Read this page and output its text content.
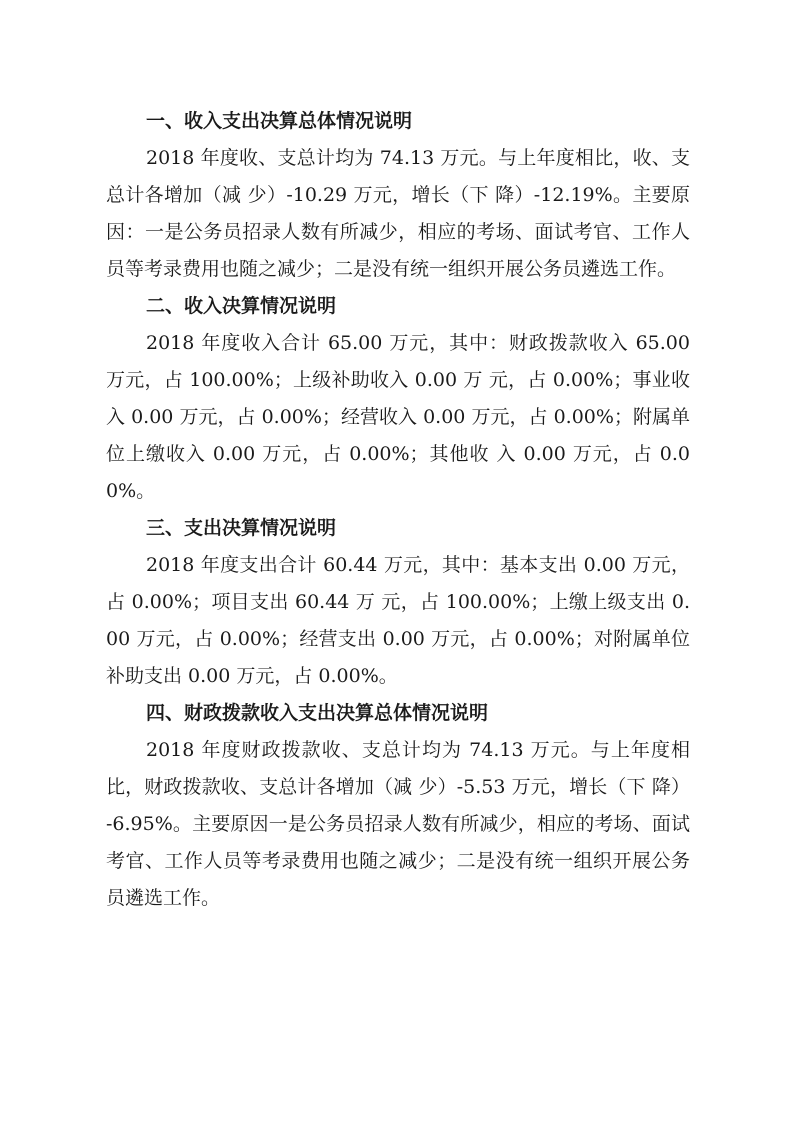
一、收入支出决算总体情况说明

2018 年度收、支总计均为 74.13 万元。与上年度相比，收、支总计各增加（减 少）-10.29 万元，增长（下 降）-12.19%。主要原因：一是公务员招录人数有所减少，相应的考场、面试考官、工作人员等考录费用也随之减少；二是没有统一组织开展公务员遴选工作。

二、收入决算情况说明

2018 年度收入合计 65.00 万元，其中：财政拨款收入 65.00 万元，占 100.00%；上级补助收入 0.00 万 元，占 0.00%；事业收入 0.00 万元，占 0.00%；经营收入 0.00 万元，占 0.00%；附属单位上缴收入 0.00 万元，占 0.00%；其他收 入 0.00 万元，占 0.00%。

三、支出决算情况说明

2018 年度支出合计 60.44 万元，其中：基本支出 0.00 万元，占 0.00%；项目支出 60.44 万 元，占 100.00%；上缴上级支出 0.00 万元，占 0.00%；经营支出 0.00 万元，占 0.00%；对附属单位补助支出 0.00 万元，占 0.00%。

四、财政拨款收入支出决算总体情况说明

2018 年度财政拨款收、支总计均为 74.13 万元。与上年度相比，财政拨款收、支总计各增加（减 少）-5.53 万元，增长（下 降）-6.95%。主要原因一是公务员招录人数有所减少，相应的考场、面试考官、工作人员等考录费用也随之减少；二是没有统一组织开展公务员遴选工作。
